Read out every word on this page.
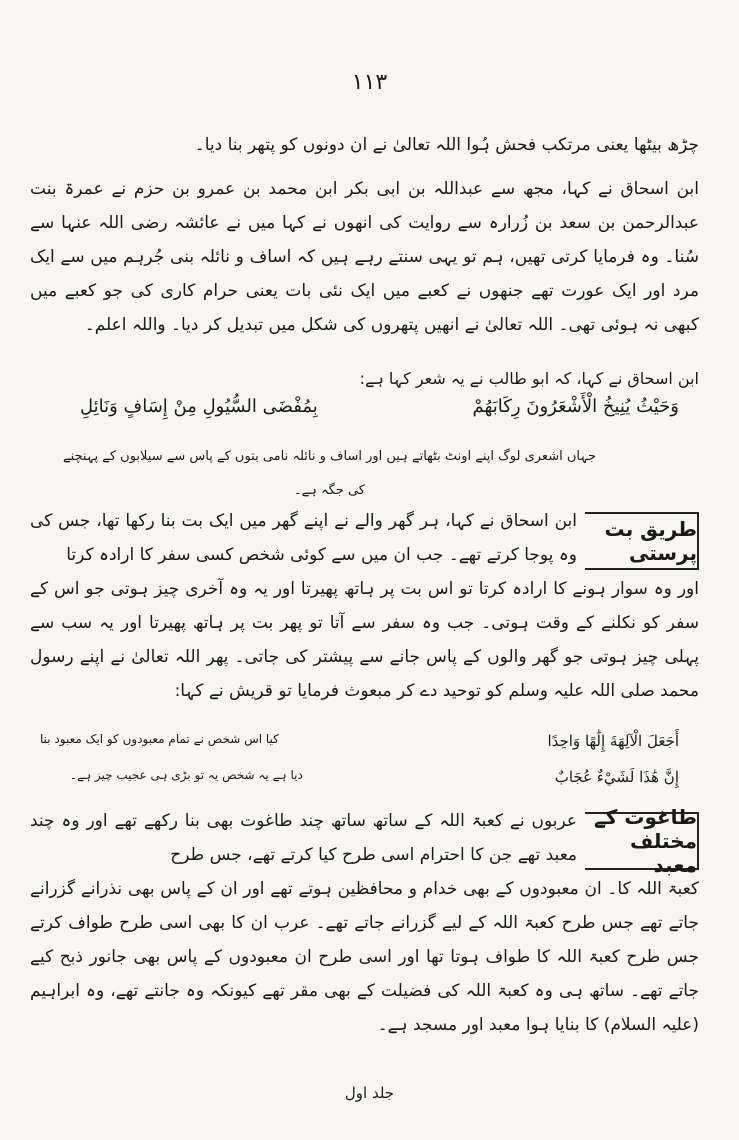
١١٣
چڑھ بیٹھا یعنی مرتکب فحش ہُوا اللہ تعالیٰ نے ان دونوں کو پتھر بنا دیا۔
ابن اسحاق نے کہا، مجھ سے عبداللہ بن ابی بکر ابن محمد بن عمرو بن حزم نے عمرۃ بنت عبدالرحمن بن سعد بن زُرارہ سے روایت کی انھوں نے کہا میں نے عائشہ رضی اللہ عنہا سے سُنا۔ وہ فرمایا کرتی تھیں، ہم تو یہی سنتے رہے ہیں کہ اساف و نائلہ بنی جُرہم میں سے ایک مرد اور ایک عورت تھے جنھوں نے کعبے میں ایک نئی بات یعنی حرام کاری کی جو کعبے میں کبھی نہ ہوئی تھی۔ اللہ تعالیٰ نے انھیں پتھروں کی شکل میں تبدیل کر دیا۔ واللہ اعلم۔
ابن اسحاق نے کہا، کہ ابو طالب نے یہ شعر کہا ہے:
وَحَيْثُ يُنِيخُ الْأَشْعَرُونَ رِكَابَهُمْ
بِمُفْضَى السُّيُولِ مِنْ إِسَافٍ وَنَائِلِ
جہاں اشعری لوگ اپنے اونٹ بٹھاتے ہیں اور اساف و نائلہ نامی بتوں کے پاس سے سیلابوں کے پہنچنے کی جگہ ہے۔
طریق بت پرستی
ابن اسحاق نے کہا، ہر گھر والے نے اپنے گھر میں ایک بت بنا رکھا تھا، جس کی وہ پوجا کرتے تھے۔ جب ان میں سے کوئی شخص کسی سفر کا ارادہ کرتا
اور وہ سوار ہونے کا ارادہ کرتا تو اس بت پر ہاتھ پھیرتا اور یہ وہ آخری چیز ہوتی جو اس کے سفر کو نکلنے کے وقت ہوتی۔ جب وہ سفر سے آتا تو پھر بت پر ہاتھ پھیرتا اور یہ سب سے پہلی چیز ہوتی جو گھر والوں کے پاس جانے سے پیشتر کی جاتی۔ پھر اللہ تعالیٰ نے اپنے رسول محمد صلی اللہ علیہ وسلم کو توحید دے کر مبعوث فرمایا تو قریش نے کہا:
أَجَعَلَ الْآلِهَةَ إِلَٰهًا وَاحِدًا
کیا اس شخص نے تمام معبودوں کو ایک معبود بنا
إِنَّ هَٰذَا لَشَيْءٌ عُجَابٌ
دیا ہے یہ شخص یہ تو بڑی ہی عجیب چیز ہے۔
طاغوت کے مختلف معبد
عربوں نے کعبۃ اللہ کے ساتھ ساتھ چند طاغوت بھی بنا رکھے تھے اور وہ چند معبد تھے جن کا احترام اسی طرح کیا کرتے تھے، جس طرح
کعبۃ اللہ کا۔ ان معبودوں کے بھی خدام و محافظین ہوتے تھے اور ان کے پاس بھی نذرانے گزرانے جاتے تھے جس طرح کعبۃ اللہ کے لیے گزرانے جاتے تھے۔ عرب ان کا بھی اسی طرح طواف کرتے جس طرح کعبۃ اللہ کا طواف ہوتا تھا اور اسی طرح ان معبودوں کے پاس بھی جانور ذبح کیے جاتے تھے۔ ساتھ ہی وہ کعبۃ اللہ کی فضیلت کے بھی مقر تھے کیونکہ وہ جانتے تھے، وہ ابراہیم (علیہ السلام) کا بنایا ہوا معبد اور مسجد ہے۔
جلد اول
